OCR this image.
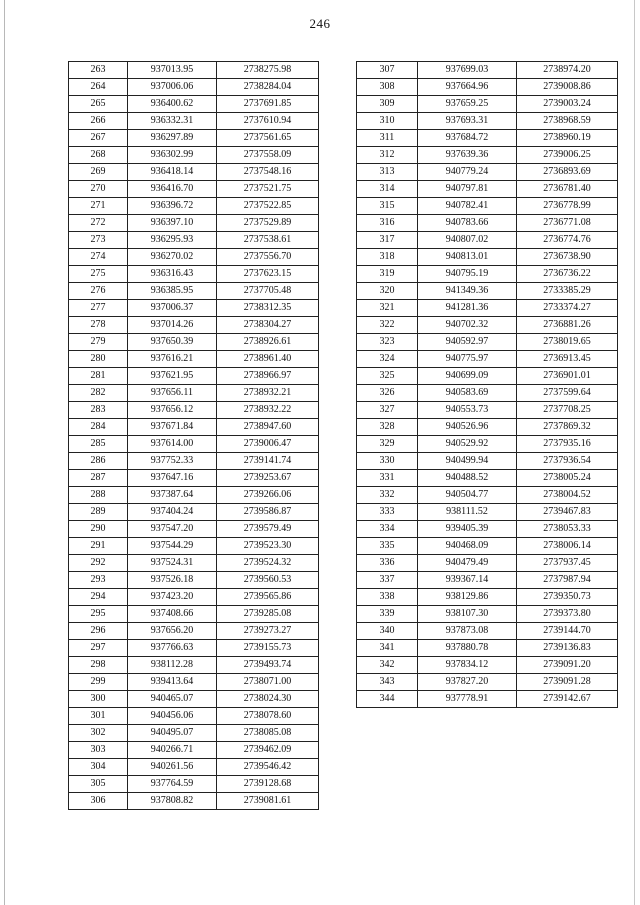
246
263	937013.95	2738275.98
264	937006.06	2738284.04
265	936400.62	2737691.85
266	936332.31	2737610.94
267	936297.89	2737561.65
268	936302.99	2737558.09
269	936418.14	2737548.16
270	936416.70	2737521.75
271	936396.72	2737522.85
272	936397.10	2737529.89
273	936295.93	2737538.61
274	936270.02	2737556.70
275	936316.43	2737623.15
276	936385.95	2737705.48
277	937006.37	2738312.35
278	937014.26	2738304.27
279	937650.39	2738926.61
280	937616.21	2738961.40
281	937621.95	2738966.97
282	937656.11	2738932.21
283	937656.12	2738932.22
284	937671.84	2738947.60
285	937614.00	2739006.47
286	937752.33	2739141.74
287	937647.16	2739253.67
288	937387.64	2739266.06
289	937404.24	2739586.87
290	937547.20	2739579.49
291	937544.29	2739523.30
292	937524.31	2739524.32
293	937526.18	2739560.53
294	937423.20	2739565.86
295	937408.66	2739285.08
296	937656.20	2739273.27
297	937766.63	2739155.73
298	938112.28	2739493.74
299	939413.64	2738071.00
300	940465.07	2738024.30
301	940456.06	2738078.60
302	940495.07	2738085.08
303	940266.71	2739462.09
304	940261.56	2739546.42
305	937764.59	2739128.68
306	937808.82	2739081.61
307	937699.03	2738974.20
308	937664.96	2739008.86
309	937659.25	2739003.24
310	937693.31	2738968.59
311	937684.72	2738960.19
312	937639.36	2739006.25
313	940779.24	2736893.69
314	940797.81	2736781.40
315	940782.41	2736778.99
316	940783.66	2736771.08
317	940807.02	2736774.76
318	940813.01	2736738.90
319	940795.19	2736736.22
320	941349.36	2733385.29
321	941281.36	2733374.27
322	940702.32	2736881.26
323	940592.97	2738019.65
324	940775.97	2736913.45
325	940699.09	2736901.01
326	940583.69	2737599.64
327	940553.73	2737708.25
328	940526.96	2737869.32
329	940529.92	2737935.16
330	940499.94	2737936.54
331	940488.52	2738005.24
332	940504.77	2738004.52
333	938111.52	2739467.83
334	939405.39	2738053.33
335	940468.09	2738006.14
336	940479.49	2737937.45
337	939367.14	2737987.94
338	938129.86	2739350.73
339	938107.30	2739373.80
340	937873.08	2739144.70
341	937880.78	2739136.83
342	937834.12	2739091.20
343	937827.20	2739091.28
344	937778.91	2739142.67
